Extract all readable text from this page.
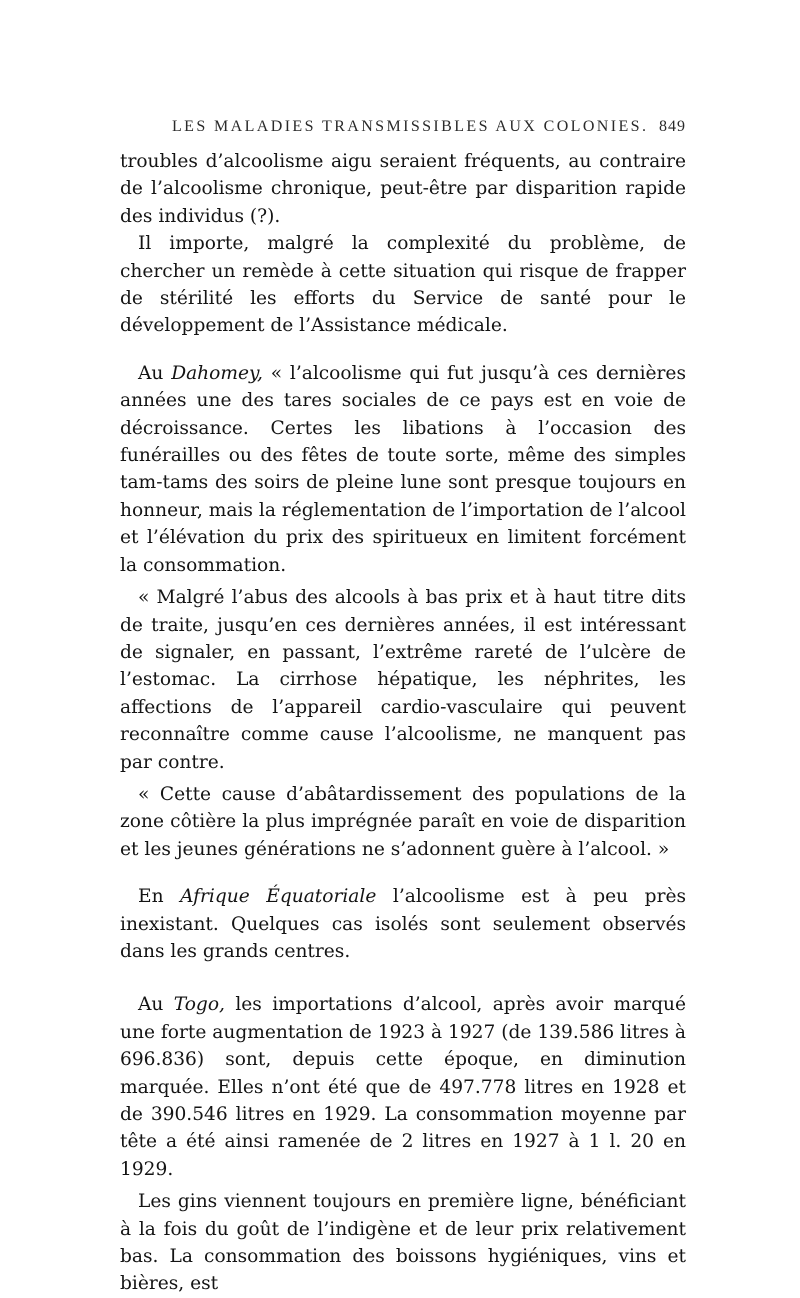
LES MALADIES TRANSMISSIBLES AUX COLONIES. 849

troubles d’alcoolisme aigu seraient fréquents, au contraire de l’alcoolisme chronique, peut-être par disparition rapide des individus (?).

Il importe, malgré la complexité du problème, de chercher un remède à cette situation qui risque de frapper de stérilité les efforts du Service de santé pour le développement de l’Assistance médicale.

Au Dahomey, « l’alcoolisme qui fut jusqu’à ces dernières années une des tares sociales de ce pays est en voie de décroissance. Certes les libations à l’occasion des funérailles ou des fêtes de toute sorte, même des simples tam-tams des soirs de pleine lune sont presque toujours en honneur, mais la réglementation de l’importation de l’alcool et l’élévation du prix des spiritueux en limitent forcément la consommation.

« Malgré l’abus des alcools à bas prix et à haut titre dits de traite, jusqu’en ces dernières années, il est intéressant de signaler, en passant, l’extrême rareté de l’ulcère de l’estomac. La cirrhose hépatique, les néphrites, les affections de l’appareil cardio-vasculaire qui peuvent reconnaître comme cause l’alcoolisme, ne manquent pas par contre.

« Cette cause d’abâtardissement des populations de la zone côtière la plus imprégnée paraît en voie de disparition et les jeunes générations ne s’adonnent guère à l’alcool. »

En Afrique Équatoriale l’alcoolisme est à peu près inexistant. Quelques cas isolés sont seulement observés dans les grands centres.

Au Togo, les importations d’alcool, après avoir marqué une forte augmentation de 1923 à 1927 (de 139.586 litres à 696.836) sont, depuis cette époque, en diminution marquée. Elles n’ont été que de 497.778 litres en 1928 et de 390.546 litres en 1929. La consommation moyenne par tête a été ainsi ramenée de 2 litres en 1927 à 1 l. 20 en 1929.

Les gins viennent toujours en première ligne, bénéficiant à la fois du goût de l’indigène et de leur prix relativement bas. La consommation des boissons hygiéniques, vins et bières, est
